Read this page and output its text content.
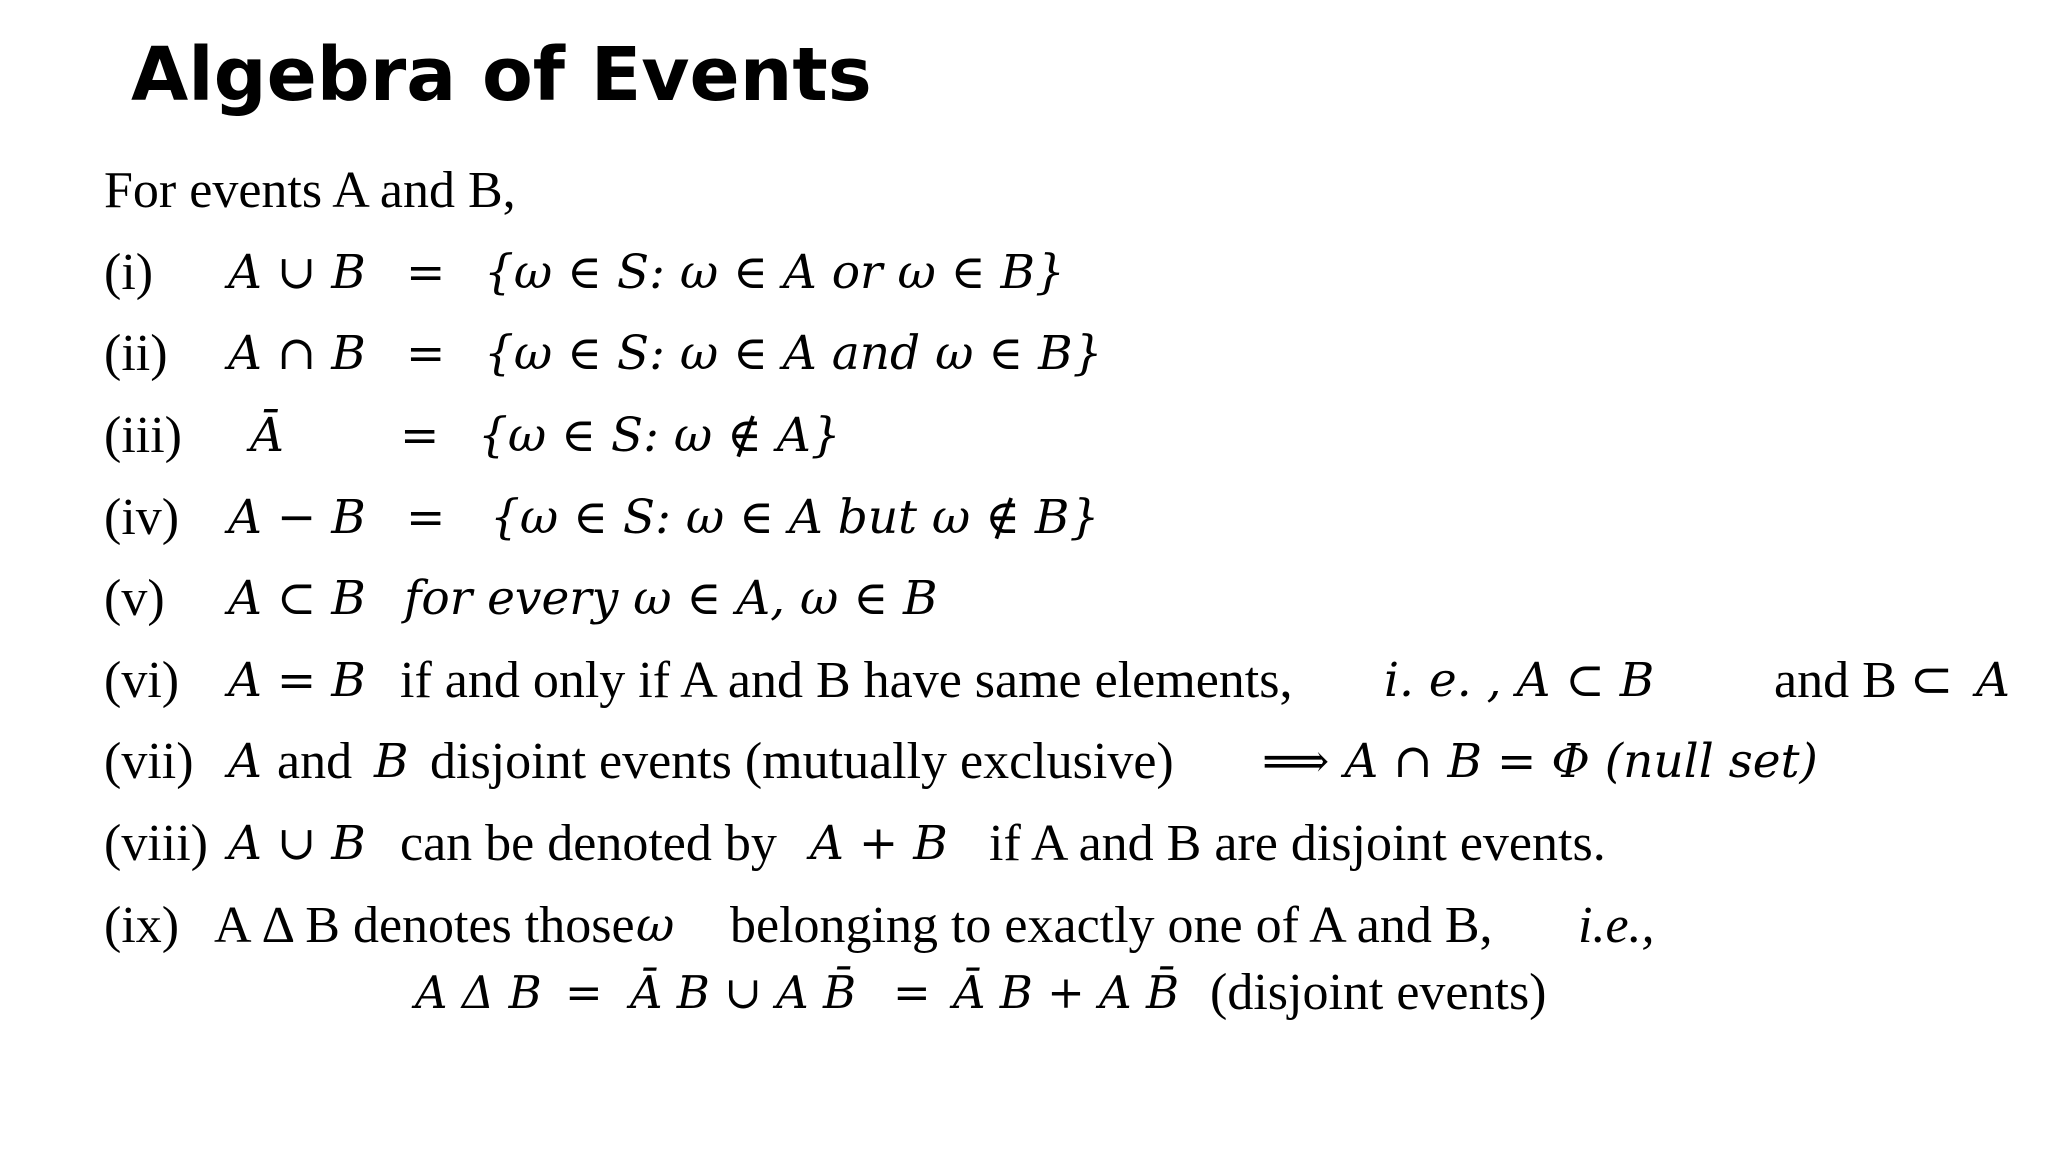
Algebra of Events
For events A and B,
(i) A ∪ B = {ω ∈ S: ω ∈ A or ω ∈ B}
(ii) A ∩ B = {ω ∈ S: ω ∈ A and ω ∈ B}
(iii) Ā = {ω ∈ S: ω ∉ A}
(iv) A − B = {ω ∈ S: ω ∈ A but ω ∉ B}
(v) A ⊂ B for every ω ∈ A, ω ∈ B
(vi) A = B if and only if A and B have same elements, i. e. , A ⊂ B and B ⊂ A
(vii) A and B disjoint events (mutually exclusive) ⟹ A ∩ B = Φ (null set)
(viii) A ∪ B can be denoted by A + B if A and B are disjoint events.
(ix) A Δ B denotes those ω belonging to exactly one of A and B, i.e.,
A Δ B = Ā B ∪ A B̄ = Ā B + A B̄ (disjoint events)
